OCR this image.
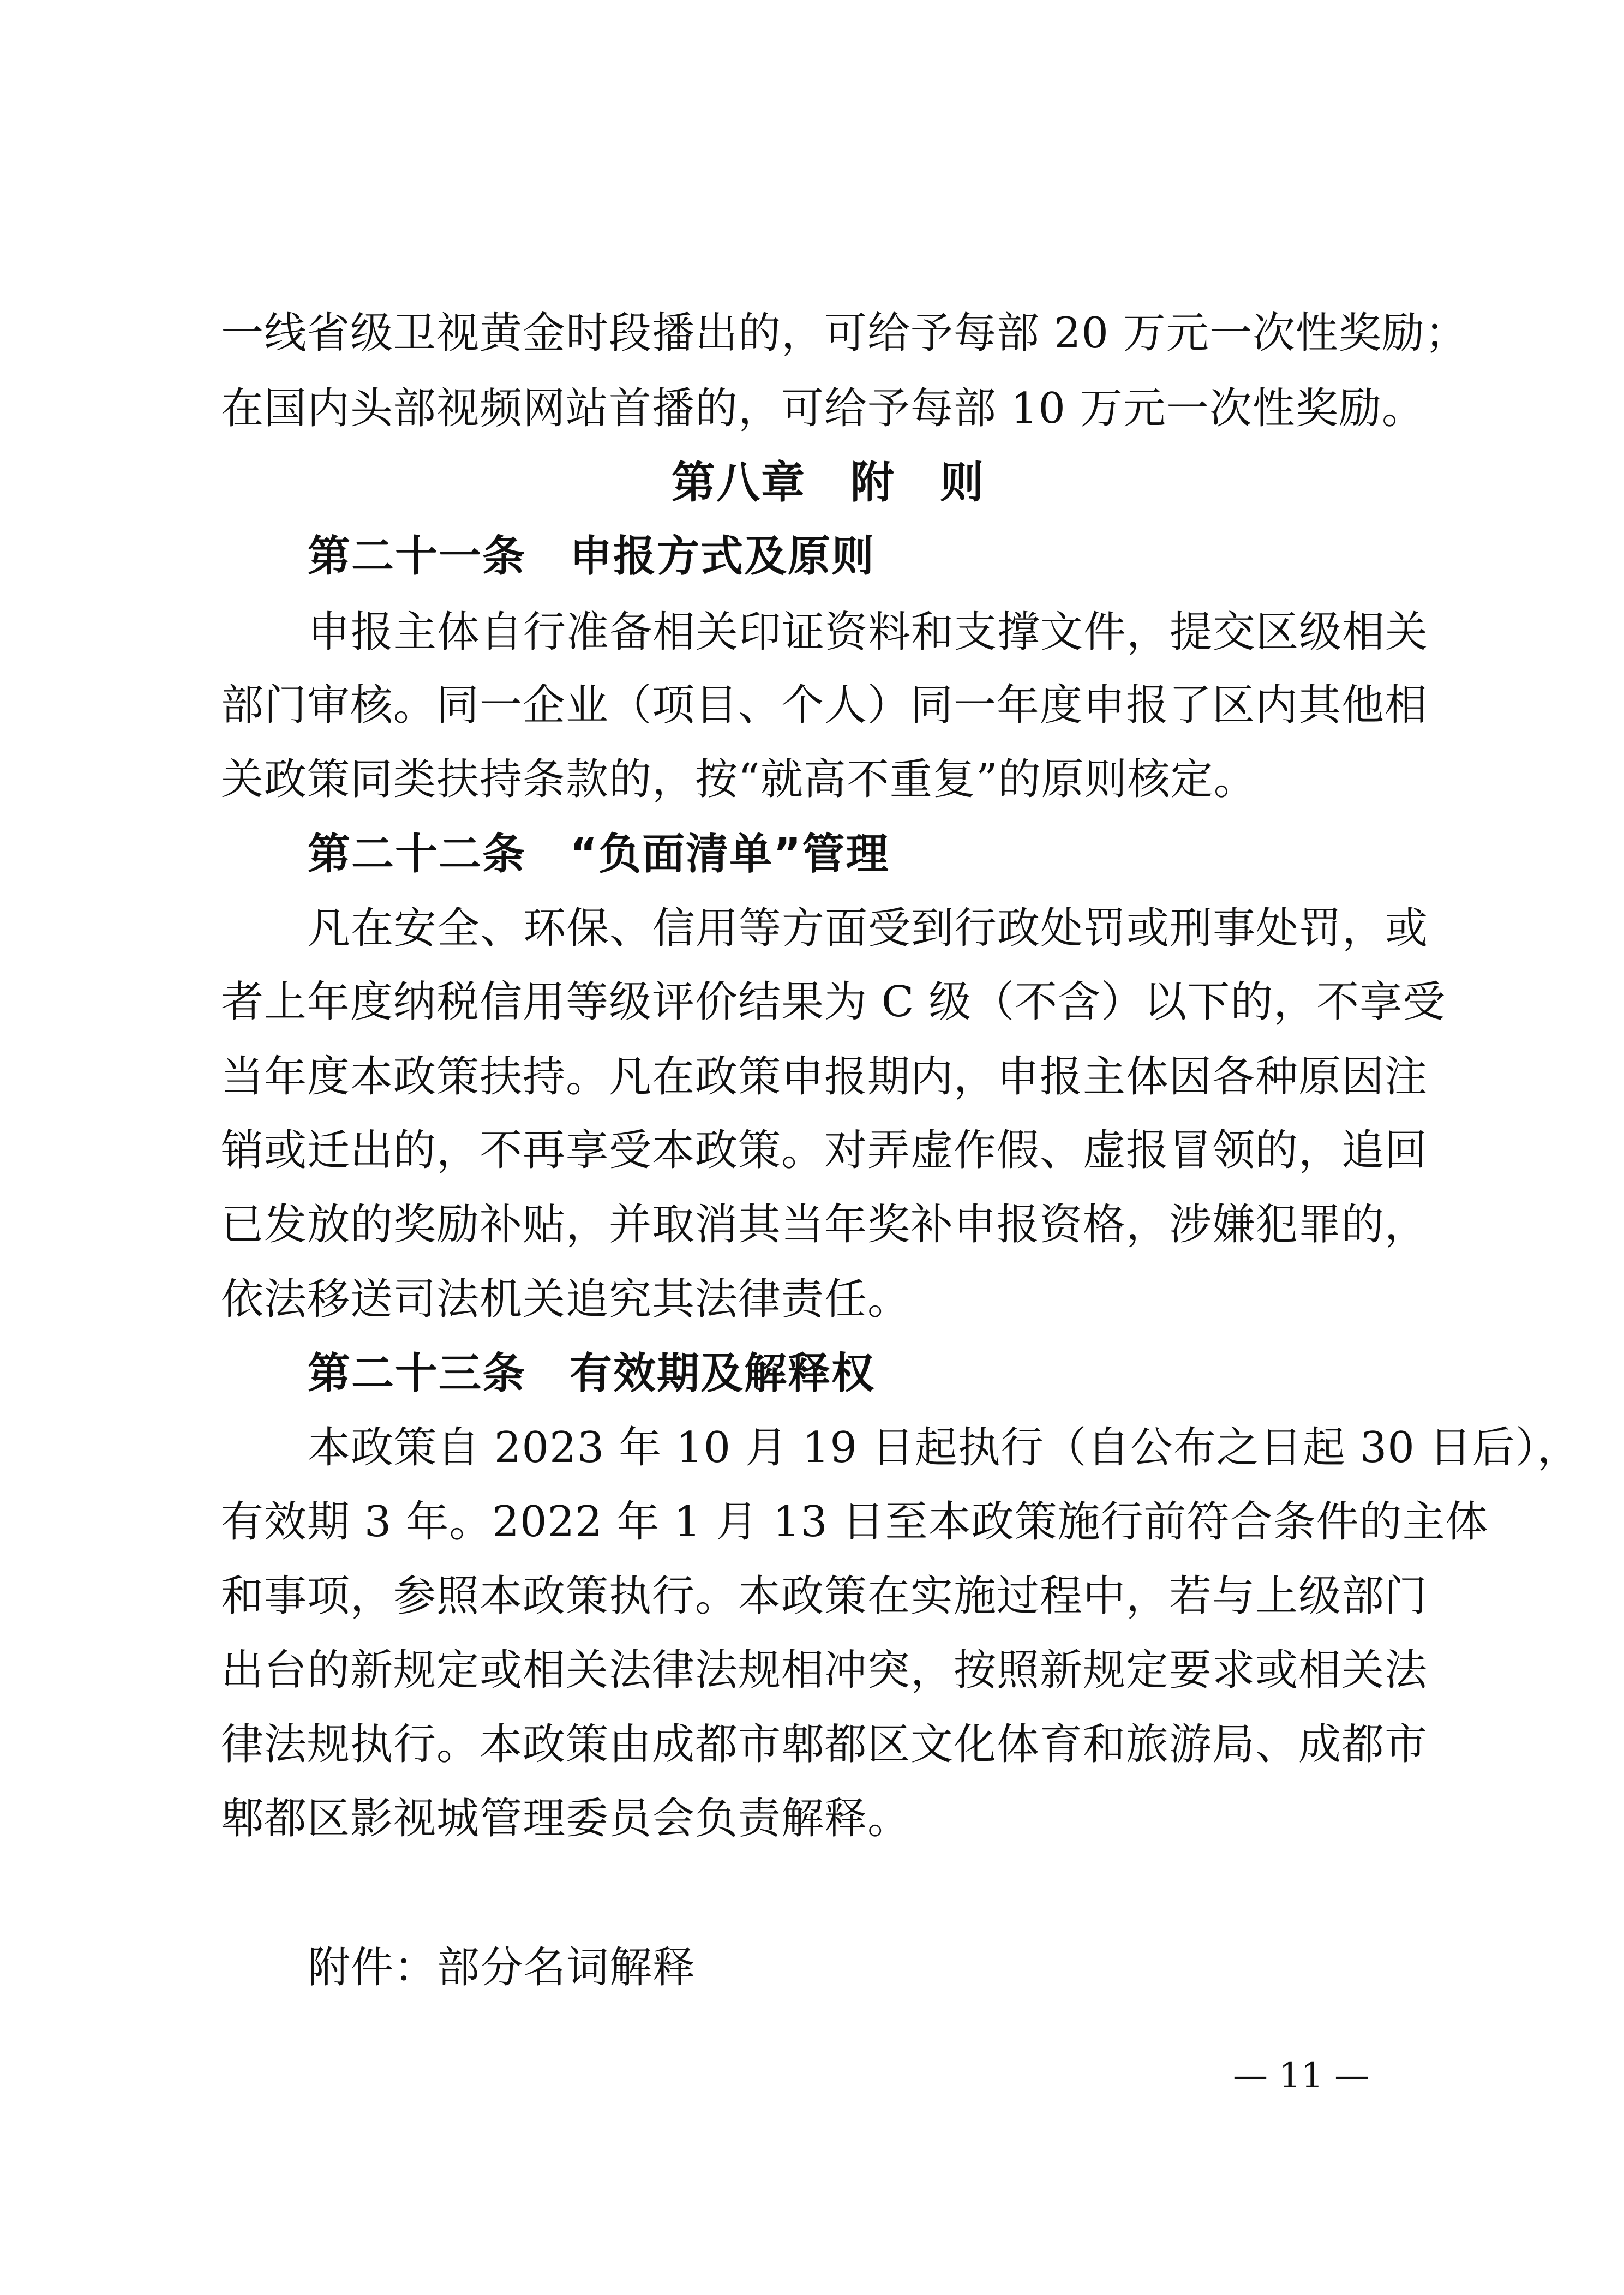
一线省级卫视黄金时段播出的，可给予每部 20 万元一次性奖励；
在国内头部视频网站首播的，可给予每部 10 万元一次性奖励。
第八章　附　则
第二十一条　申报方式及原则
申报主体自行准备相关印证资料和支撑文件，提交区级相关
部门审核。同一企业（项目、个人）同一年度申报了区内其他相
关政策同类扶持条款的，按“就高不重复”的原则核定。
第二十二条　“负面清单”管理
凡在安全、环保、信用等方面受到行政处罚或刑事处罚，或
者上年度纳税信用等级评价结果为 C 级（不含）以下的，不享受
当年度本政策扶持。凡在政策申报期内，申报主体因各种原因注
销或迁出的，不再享受本政策。对弄虚作假、虚报冒领的，追回
已发放的奖励补贴，并取消其当年奖补申报资格，涉嫌犯罪的，
依法移送司法机关追究其法律责任。
第二十三条　有效期及解释权
本政策自 2023 年 10 月 19 日起执行（自公布之日起 30 日后），
有效期 3 年。2022 年 1 月 13 日至本政策施行前符合条件的主体
和事项，参照本政策执行。本政策在实施过程中，若与上级部门
出台的新规定或相关法律法规相冲突，按照新规定要求或相关法
律法规执行。本政策由成都市郫都区文化体育和旅游局、成都市
郫都区影视城管理委员会负责解释。
附件：部分名词解释
— 11 —
